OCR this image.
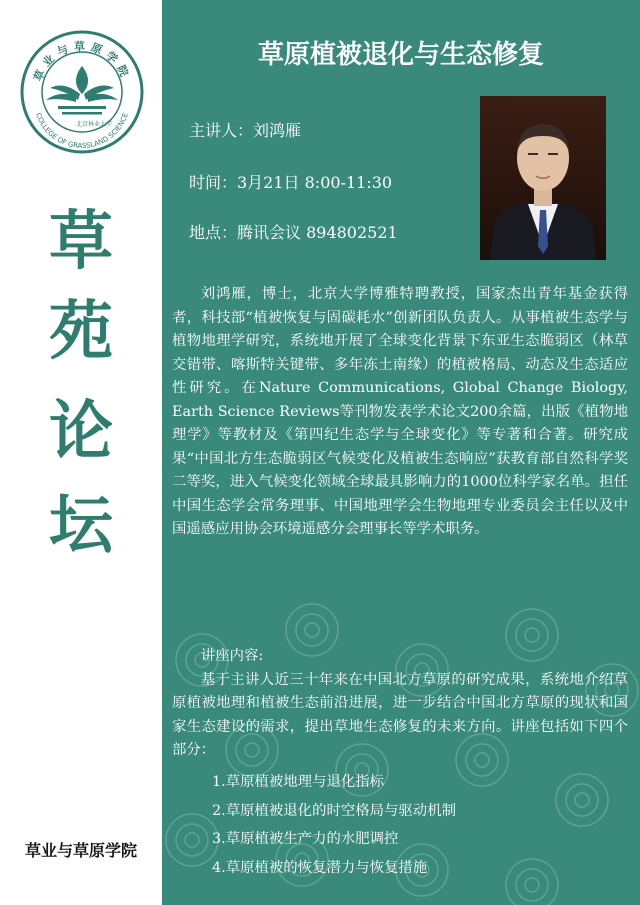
草业与草原学院
COLLEGE OF GRASSLAND SCIENCE
北京林业大学
草
苑
论
坛
草业与草原学院
草原植被退化与生态修复
主讲人：刘鸿雁
时间：3月21日 8:00-11:30
地点：腾讯会议 894802521

刘鸿雁，博士，北京大学博雅特聘教授，国家杰出青年基金获得者，科技部“植被恢复与固碳耗水”创新团队负责人。从事植被生态学与植物地理学研究，系统地开展了全球变化背景下东亚生态脆弱区（林草交错带、喀斯特关键带、多年冻土南缘）的植被格局、动态及生态适应性研究。在Nature Communications, Global Change Biology, Earth Science Reviews等刊物发表学术论文200余篇，出版《植物地理学》等教材及《第四纪生态学与全球变化》等专著和合著。研究成果“中国北方生态脆弱区气候变化及植被生态响应”获教育部自然科学奖二等奖，进入气候变化领域全球最具影响力的1000位科学家名单。担任中国生态学会常务理事、中国地理学会生物地理专业委员会主任以及中国遥感应用协会环境遥感分会理事长等学术职务。

讲座内容:

基于主讲人近三十年来在中国北方草原的研究成果，系统地介绍草原植被地理和植被生态前沿进展，进一步结合中国北方草原的现状和国家生态建设的需求，提出草地生态修复的未来方向。讲座包括如下四个部分：

1.草原植被地理与退化指标
2.草原植被退化的时空格局与驱动机制
3.草原植被生产力的水肥调控
4.草原植被的恢复潜力与恢复措施
